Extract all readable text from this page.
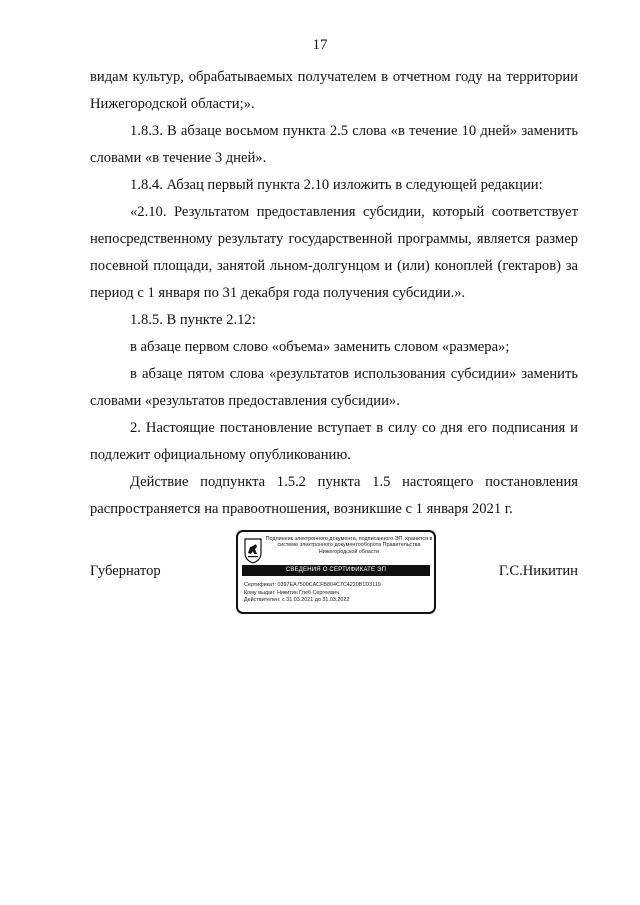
17

видам культур, обрабатываемых получателем в отчетном году на территории Нижегородской области;».

1.8.3. В абзаце восьмом пункта 2.5 слова «в течение 10 дней» заменить словами «в течение 3 дней».

1.8.4. Абзац первый пункта 2.10 изложить в следующей редакции:

«2.10. Результатом предоставления субсидии, который соответствует непосредственному результату государственной программы, является размер посевной площади, занятой льном-долгунцом и (или) коноплей (гектаров) за период с 1 января по 31 декабря года получения субсидии.».

1.8.5. В пункте 2.12:

в абзаце первом слово «объема» заменить словом «размера»;

в абзаце пятом слова «результатов использования субсидии» заменить словами «результатов предоставления субсидии».

2. Настоящие постановление вступает в силу со дня его подписания и подлежит официальному опубликованию.

Действие подпункта 1.5.2 пункта 1.5 настоящего постановления распространяется на правоотношения, возникшие с 1 января 2021 г.

Губернатор
Подлинник электронного документа, подписанного ЭП, хранится в системе электронного документооборота Правительства Нижегородской области
СВЕДЕНИЯ О СЕРТИФИКАТЕ ЭП
Сертификат: 0397EA7500CACFB804C7C4220B1D3119
Кому выдан: Никитин Глеб Сергеевич
Действителен: с 31.03.2021 до 31.03.2022
Г.С.Никитин
